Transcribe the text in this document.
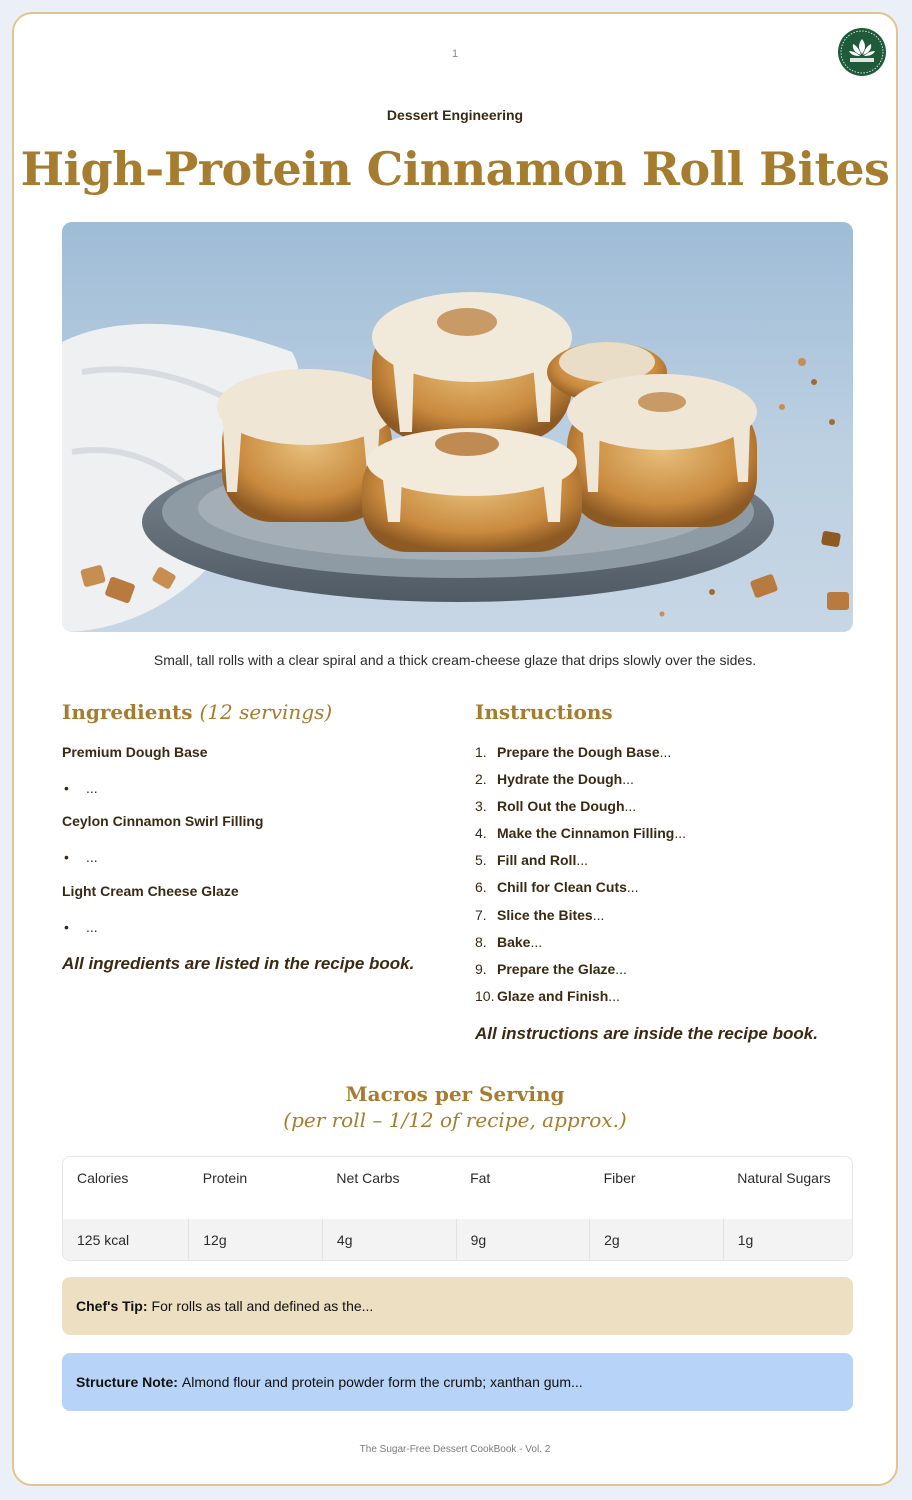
1
Dessert Engineering
High-Protein Cinnamon Roll Bites
Small, tall rolls with a clear spiral and a thick cream-cheese glaze that drips slowly over the sides.
Ingredients (12 servings)
Premium Dough Base
• ...
Ceylon Cinnamon Swirl Filling
• ...
Light Cream Cheese Glaze
• ...
All ingredients are listed in the recipe book.
Instructions
1. Prepare the Dough Base...
2. Hydrate the Dough...
3. Roll Out the Dough...
4. Make the Cinnamon Filling...
5. Fill and Roll...
6. Chill for Clean Cuts...
7. Slice the Bites...
8. Bake...
9. Prepare the Glaze...
10. Glaze and Finish...
All instructions are inside the recipe book.
Macros per Serving
(per roll – 1/12 of recipe, approx.)
Calories	Protein	Net Carbs	Fat	Fiber	Natural Sugars
125 kcal	12g	4g	9g	2g	1g
Chef's Tip: For rolls as tall and defined as the...
Structure Note: Almond flour and protein powder form the crumb; xanthan gum...
The Sugar-Free Dessert CookBook - Vol. 2
